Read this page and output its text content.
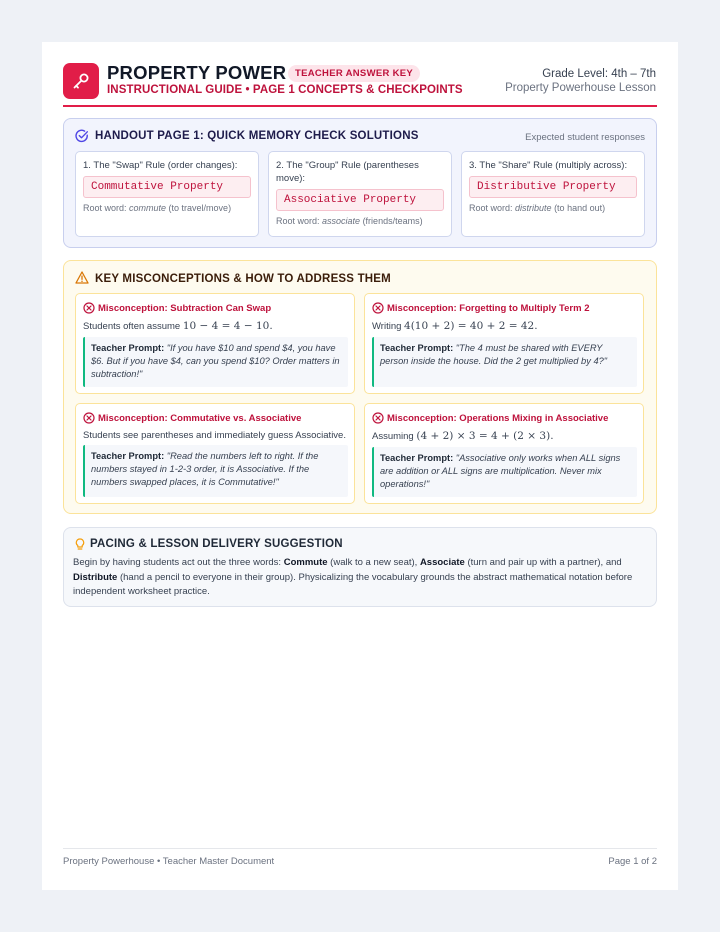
PROPERTY POWER TEACHER ANSWER KEY
INSTRUCTIONAL GUIDE • PAGE 1 CONCEPTS & CHECKPOINTS
Grade Level: 4th – 7th
Property Powerhouse Lesson
HANDOUT PAGE 1: QUICK MEMORY CHECK SOLUTIONS	Expected student responses
1. The "Swap" Rule (order changes):
Commutative Property
Root word: commute (to travel/move)
2. The "Group" Rule (parentheses move):
Associative Property
Root word: associate (friends/teams)
3. The "Share" Rule (multiply across):
Distributive Property
Root word: distribute (to hand out)
KEY MISCONCEPTIONS & HOW TO ADDRESS THEM
Misconception: Subtraction Can Swap
Students often assume 10 − 4 = 4 − 10.
Teacher Prompt: "If you have $10 and spend $4, you have $6. But if you have $4, can you spend $10? Order matters in subtraction!"
Misconception: Forgetting to Multiply Term 2
Writing 4(10 + 2) = 40 + 2 = 42.
Teacher Prompt: "The 4 must be shared with EVERY person inside the house. Did the 2 get multiplied by 4?"
Misconception: Commutative vs. Associative
Students see parentheses and immediately guess Associative.
Teacher Prompt: "Read the numbers left to right. If the numbers stayed in 1-2-3 order, it is Associative. If the numbers swapped places, it is Commutative!"
Misconception: Operations Mixing in Associative
Assuming (4 + 2) × 3 = 4 + (2 × 3).
Teacher Prompt: "Associative only works when ALL signs are addition or ALL signs are multiplication. Never mix operations!"
PACING & LESSON DELIVERY SUGGESTION
Begin by having students act out the three words: Commute (walk to a new seat), Associate (turn and pair up with a partner), and Distribute (hand a pencil to everyone in their group). Physicalizing the vocabulary grounds the abstract mathematical notation before independent worksheet practice.
Property Powerhouse • Teacher Master Document	Page 1 of 2
